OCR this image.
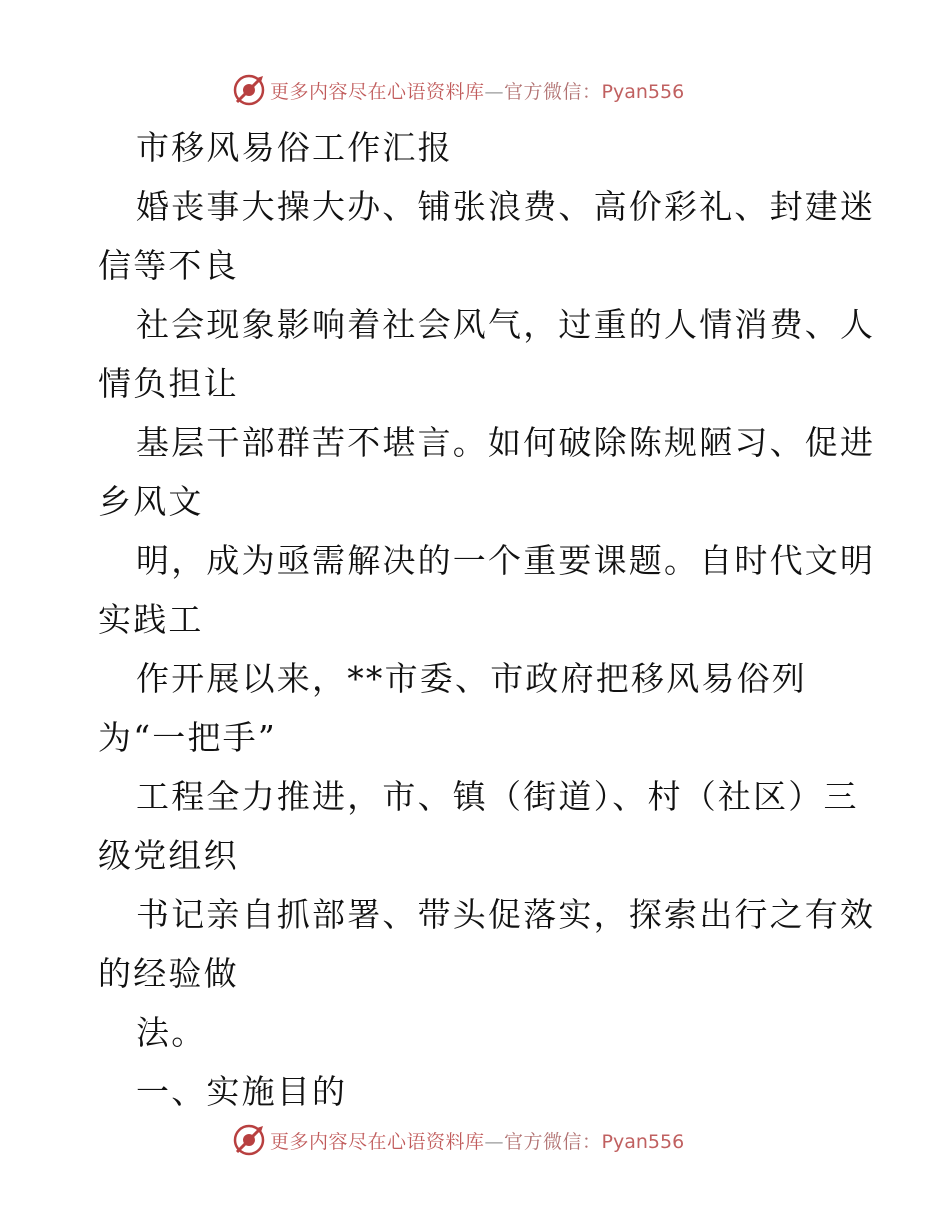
更多内容尽在心语资料库—官方微信：Pyan556
市移风易俗工作汇报
婚丧事大操大办、铺张浪费、高价彩礼、封建迷
信等不良
社会现象影响着社会风气，过重的人情消费、人
情负担让
基层干部群苦不堪言。如何破除陈规陋习、促进
乡风文
明，成为亟需解决的一个重要课题。自时代文明
实践工
作开展以来，**市委、市政府把移风易俗列
为“一把手”
工程全力推进，市、镇（街道）、村（社区）三
级党组织
书记亲自抓部署、带头促落实，探索出行之有效
的经验做
法。
一、实施目的
更多内容尽在心语资料库—官方微信：Pyan556
